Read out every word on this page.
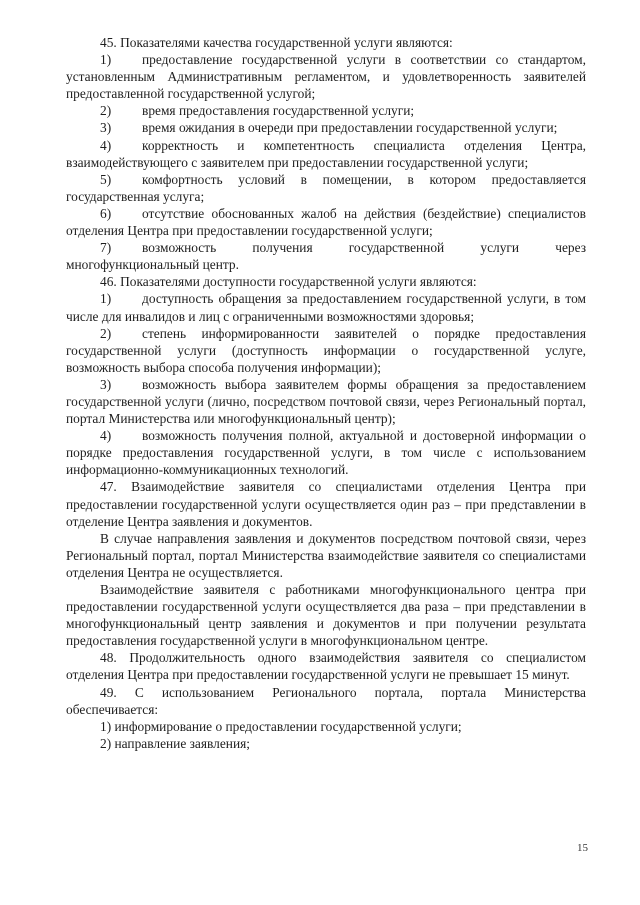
45. Показателями качества государственной услуги являются:

1) предоставление государственной услуги в соответствии со стандартом, установленным Административным регламентом, и удовлетворенность заявителей предоставленной государственной услугой;

2) время предоставления государственной услуги;

3) время ожидания в очереди при предоставлении государственной услуги;

4) корректность и компетентность специалиста отделения Центра, взаимодействующего с заявителем при предоставлении государственной услуги;

5) комфортность условий в помещении, в котором предоставляется государственная услуга;

6) отсутствие обоснованных жалоб на действия (бездействие) специалистов отделения Центра при предоставлении государственной услуги;

7) возможность получения государственной услуги через многофункциональный центр.

46. Показателями доступности государственной услуги являются:

1) доступность обращения за предоставлением государственной услуги, в том числе для инвалидов и лиц с ограниченными возможностями здоровья;

2) степень информированности заявителей о порядке предоставления государственной услуги (доступность информации о государственной услуге, возможность выбора способа получения информации);

3) возможность выбора заявителем формы обращения за предоставлением государственной услуги (лично, посредством почтовой связи, через Региональный портал, портал Министерства или многофункциональный центр);

4) возможность получения полной, актуальной и достоверной информации о порядке предоставления государственной услуги, в том числе с использованием информационно-коммуникационных технологий.

47. Взаимодействие заявителя со специалистами отделения Центра при предоставлении государственной услуги осуществляется один раз – при представлении в отделение Центра заявления и документов.

В случае направления заявления и документов посредством почтовой связи, через Региональный портал, портал Министерства взаимодействие заявителя со специалистами отделения Центра не осуществляется.

Взаимодействие заявителя с работниками многофункционального центра при предоставлении государственной услуги осуществляется два раза – при представлении в многофункциональный центр заявления и документов и при получении результата предоставления государственной услуги в многофункциональном центре.

48. Продолжительность одного взаимодействия заявителя со специалистом отделения Центра при предоставлении государственной услуги не превышает 15 минут.

49. С использованием Регионального портала, портала Министерства обеспечивается:

1) информирование о предоставлении государственной услуги;

2) направление заявления;

15
